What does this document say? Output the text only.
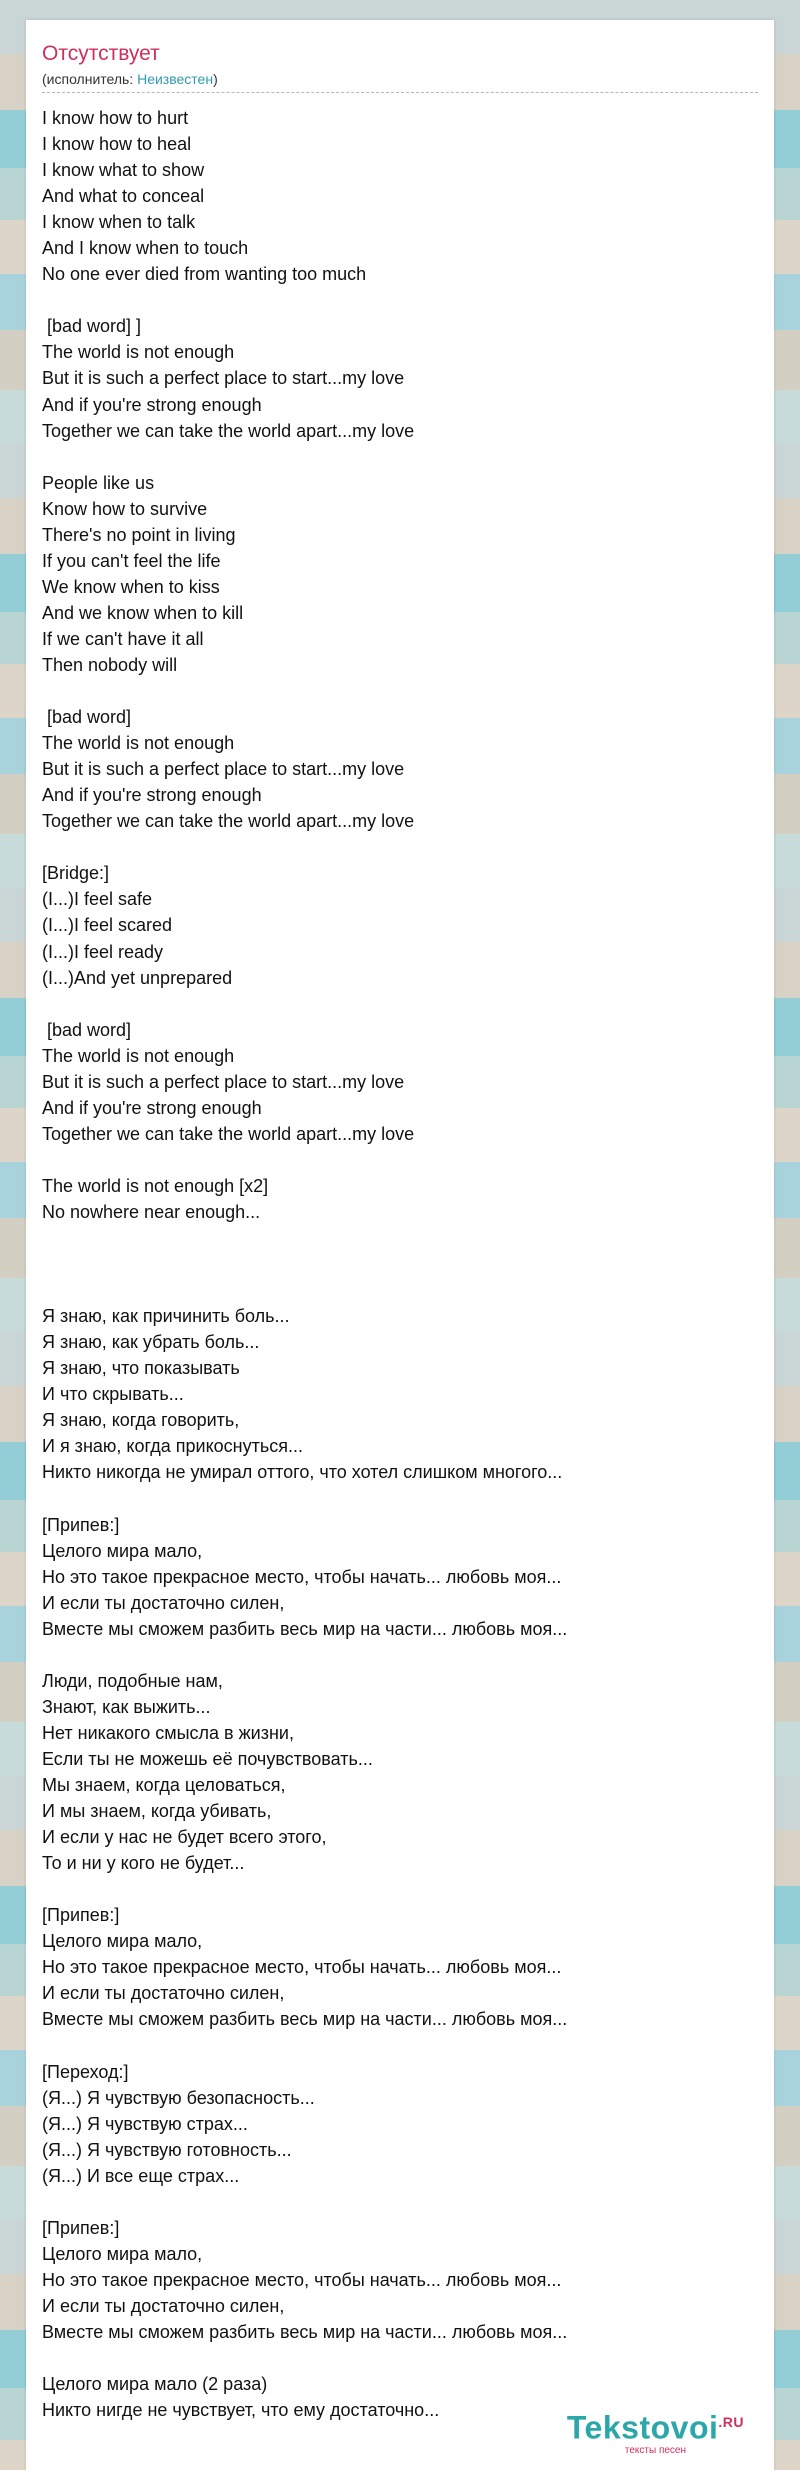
Отсутствует
(исполнитель: Неизвестен)
I know how to hurt
I know how to heal
I know what to show
And what to conceal
I know when to talk
And I know when to touch
No one ever died from wanting too much

[bad word] ]
The world is not enough
But it is such a perfect place to start...my love
And if you're strong enough
Together we can take the world apart...my love

People like us
Know how to survive
There's no point in living
If you can't feel the life
We know when to kiss
And we know when to kill
If we can't have it all
Then nobody will

[bad word]
The world is not enough
But it is such a perfect place to start...my love
And if you're strong enough
Together we can take the world apart...my love

[Bridge:]
(I...)I feel safe
(I...)I feel scared
(I...)I feel ready
(I...)And yet unprepared

[bad word]
The world is not enough
But it is such a perfect place to start...my love
And if you're strong enough
Together we can take the world apart...my love

The world is not enough [x2]
No nowhere near enough...

Я знаю, как причинить боль...
Я знаю, как убрать боль...
Я знаю, что показывать
И что скрывать...
Я знаю, когда говорить,
И я знаю, когда прикоснуться...
Никто никогда не умирал оттого, что хотел слишком многого...

[Припев:]
Целого мира мало,
Но это такое прекрасное место, чтобы начать... любовь моя...
И если ты достаточно силен,
Вместе мы сможем разбить весь мир на части... любовь моя...

Люди, подобные нам,
Знают, как выжить...
Нет никакого смысла в жизни,
Если ты не можешь её почувствовать...
Мы знаем, когда целоваться,
И мы знаем, когда убивать,
И если у нас не будет всего этого,
То и ни у кого не будет...

[Припев:]
Целого мира мало,
Но это такое прекрасное место, чтобы начать... любовь моя...
И если ты достаточно силен,
Вместе мы сможем разбить весь мир на части... любовь моя...

[Переход:]
(Я...) Я чувствую безопасность...
(Я...) Я чувствую страх...
(Я...) Я чувствую готовность...
(Я...) И все еще страх...

[Припев:]
Целого мира мало,
Но это такое прекрасное место, чтобы начать... любовь моя...
И если ты достаточно силен,
Вместе мы сможем разбить весь мир на части... любовь моя...

Целого мира мало (2 раза)
Никто нигде не чувствует, что ему достаточно...	Tekstovoi$^{.RU}$
тексты песен
